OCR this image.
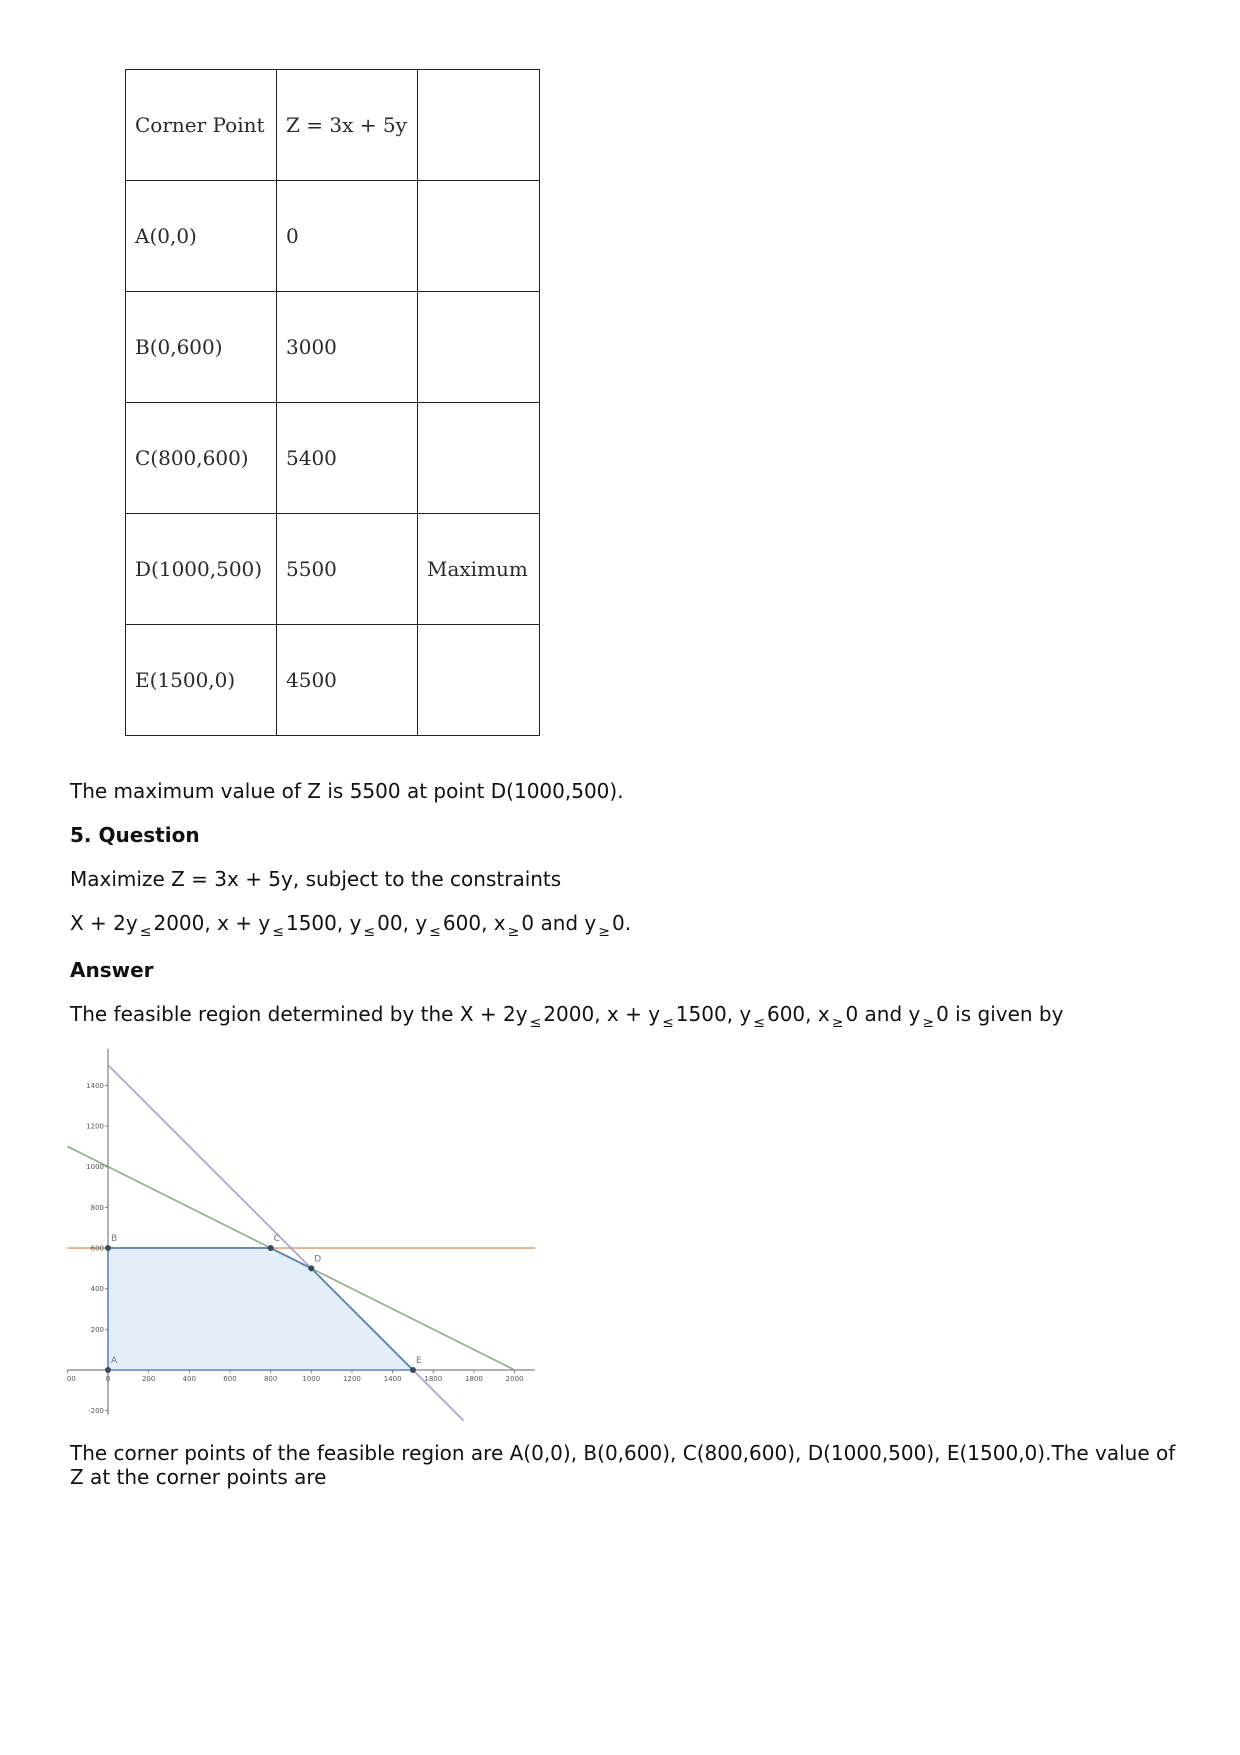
Corner Point	Z = 3x + 5y	
A(0,0)	0	
B(0,600)	3000	
C(800,600)	5400	
D(1000,500)	5500	Maximum
E(1500,0)	4500	

The maximum value of Z is 5500 at point D(1000,500).

5. Question

Maximize Z = 3x + 5y, subject to the constraints

X + 2y ≤ 2000, x + y ≤ 1500, y ≤ 00, y ≤ 600, x ≥ 0 and y ≥ 0.

Answer

The feasible region determined by the X + 2y ≤ 2000, x + y ≤ 1500, y ≤ 600, x ≥ 0 and y ≥ 0 is given by

00	0	200	400	600	800	1000	1200	1400	1800	1800	2000
1400
1200
1000
800
600
400
200
-200
A
B	C
D
E

The corner points of the feasible region are A(0,0), B(0,600), C(800,600), D(1000,500), E(1500,0).The value of Z at the corner points are
